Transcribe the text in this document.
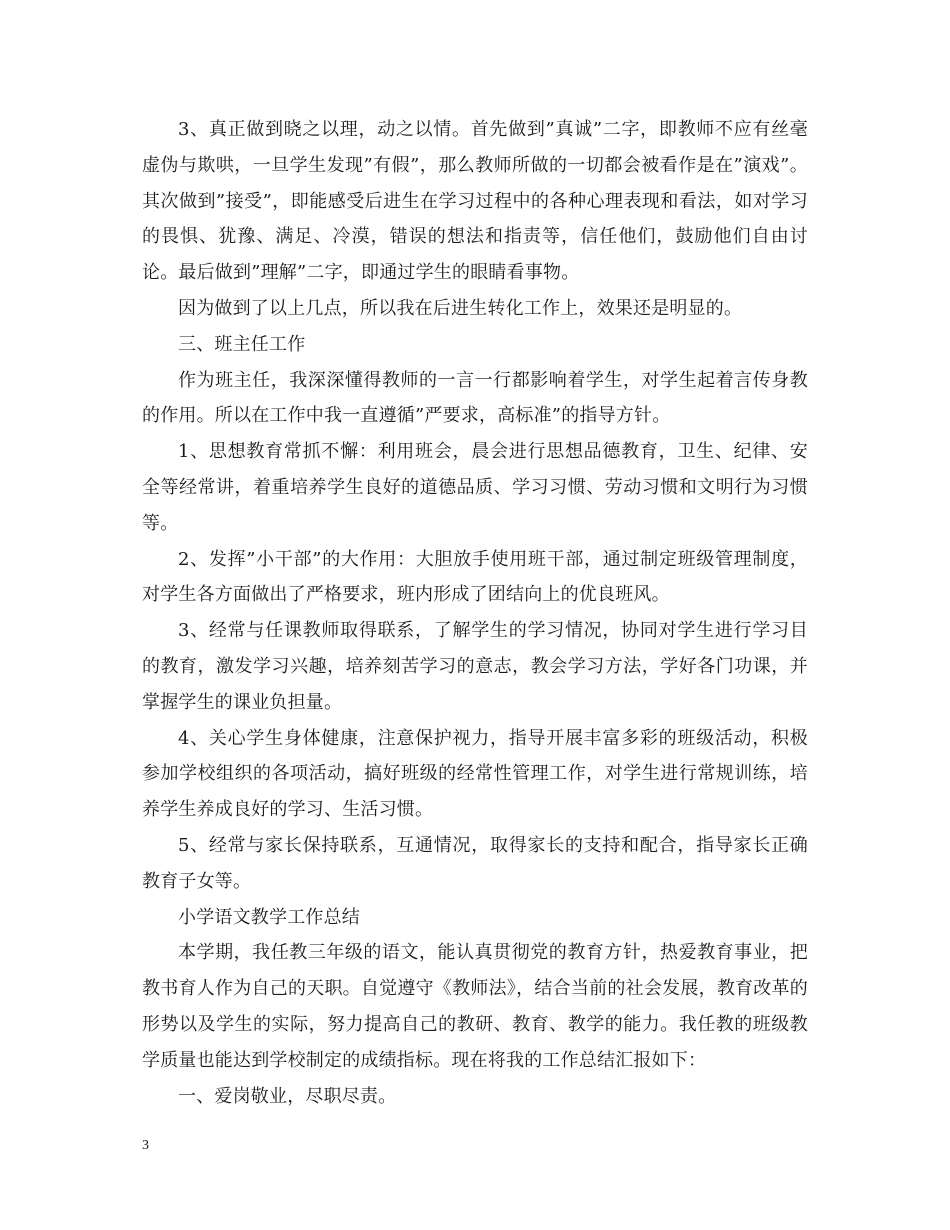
3、真正做到晓之以理，动之以情。首先做到”真诚”二字，即教师不应有丝毫虚伪与欺哄，一旦学生发现”有假”，那么教师所做的一切都会被看作是在”演戏”。其次做到”接受”，即能感受后进生在学习过程中的各种心理表现和看法，如对学习的畏惧、犹豫、满足、冷漠，错误的想法和指责等，信任他们，鼓励他们自由讨论。最后做到”理解”二字，即通过学生的眼睛看事物。

因为做到了以上几点，所以我在后进生转化工作上，效果还是明显的。

三、班主任工作

作为班主任，我深深懂得教师的一言一行都影响着学生，对学生起着言传身教的作用。所以在工作中我一直遵循”严要求，高标准”的指导方针。

1、思想教育常抓不懈：利用班会，晨会进行思想品德教育，卫生、纪律、安全等经常讲，着重培养学生良好的道德品质、学习习惯、劳动习惯和文明行为习惯等。

2、发挥”小干部”的大作用：大胆放手使用班干部，通过制定班级管理制度，对学生各方面做出了严格要求，班内形成了团结向上的优良班风。

3、经常与任课教师取得联系，了解学生的学习情况，协同对学生进行学习目的教育，激发学习兴趣，培养刻苦学习的意志，教会学习方法，学好各门功课，并掌握学生的课业负担量。

4、关心学生身体健康，注意保护视力，指导开展丰富多彩的班级活动，积极参加学校组织的各项活动，搞好班级的经常性管理工作，对学生进行常规训练，培养学生养成良好的学习、生活习惯。

5、经常与家长保持联系，互通情况，取得家长的支持和配合，指导家长正确教育子女等。

小学语文教学工作总结

本学期，我任教三年级的语文，能认真贯彻党的教育方针，热爱教育事业，把教书育人作为自己的天职。自觉遵守《教师法》，结合当前的社会发展，教育改革的形势以及学生的实际，努力提高自己的教研、教育、教学的能力。我任教的班级教学质量也能达到学校制定的成绩指标。现在将我的工作总结汇报如下：

一、爱岗敬业，尽职尽责。

3
